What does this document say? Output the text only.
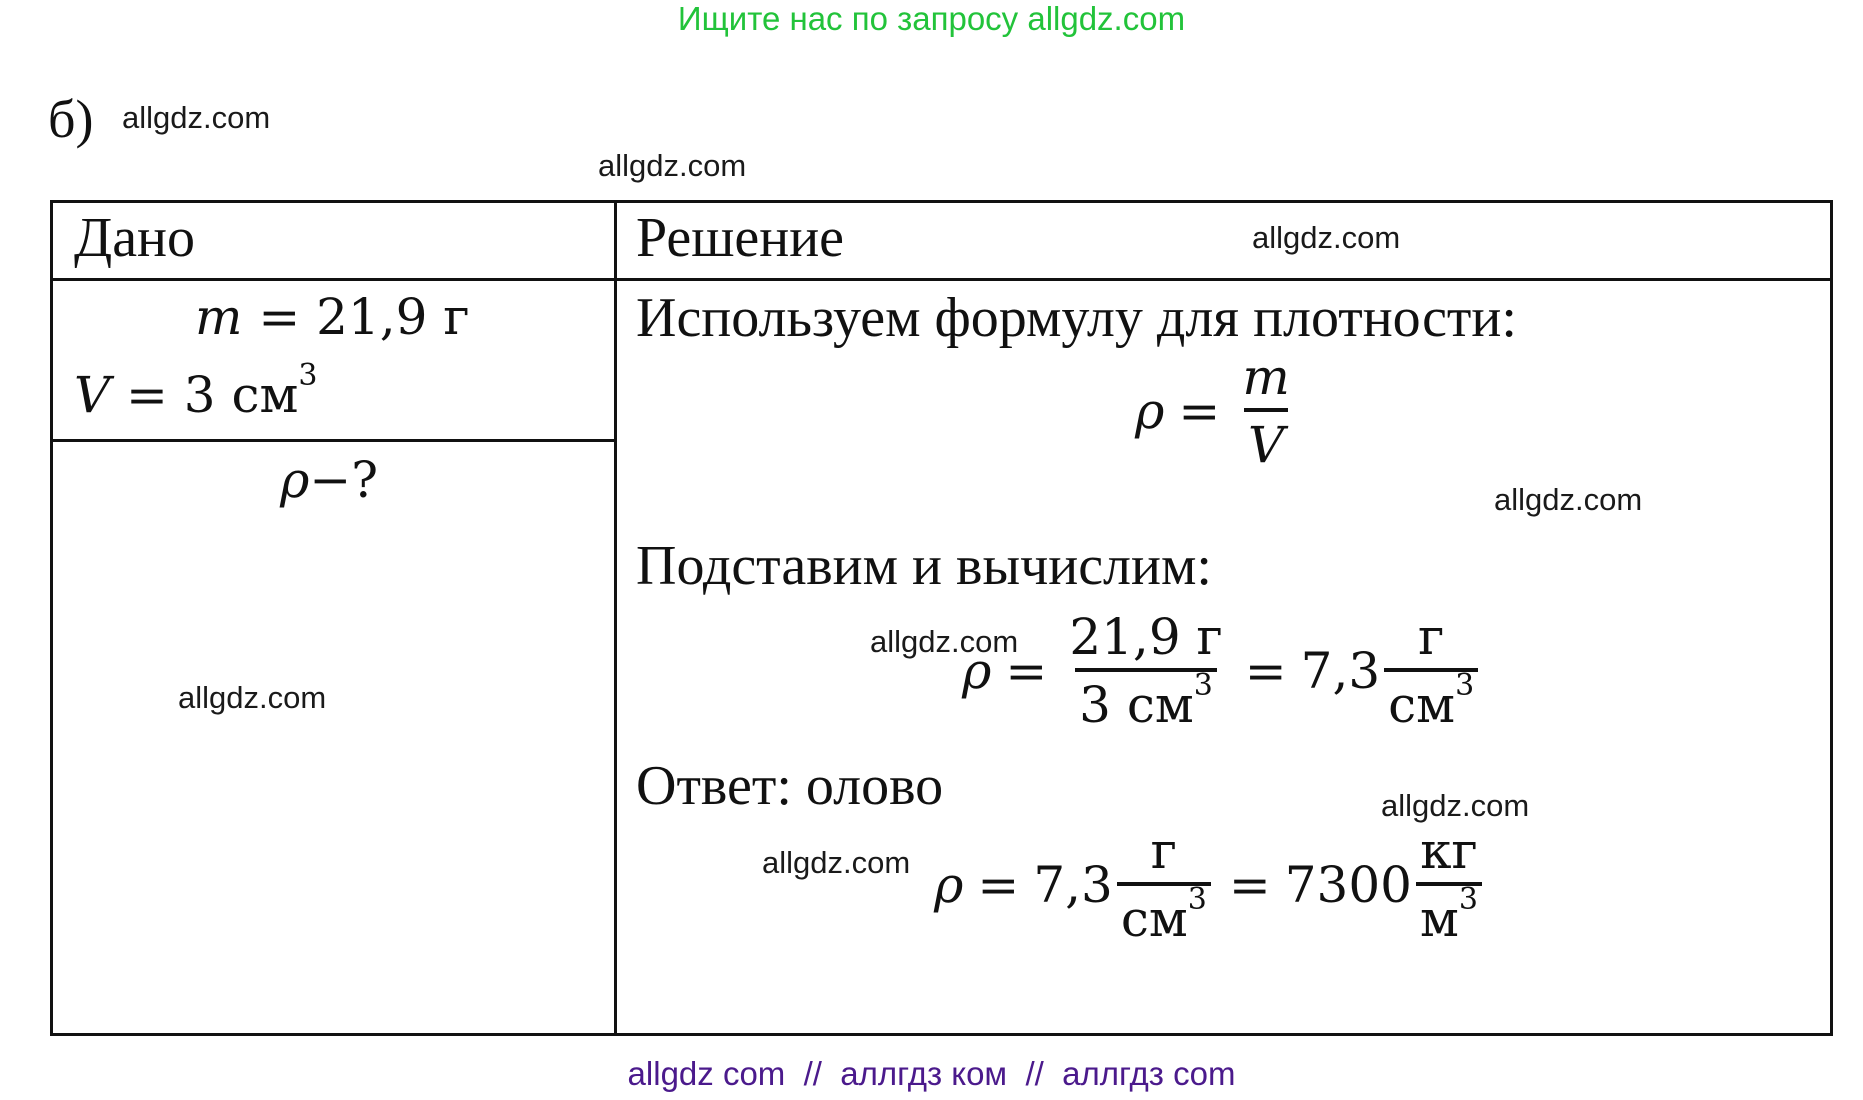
Ищите нас по запросу allgdz.com
б) allgdz.com
allgdz.com
allgdz.com
allgdz.com
allgdz.com
allgdz.com
allgdz.com
allgdz.com
Дано	Решение
m = 21,9 г
V = 3 $см^3$
ρ−?
Используем формулу для плотности:
$\rho = \frac{m}{V}$
Подставим и вычислим:
$\rho = \frac{21,9 г}{3 см^3} = 7,3 \frac{г}{см^3}$
Ответ: олово
$\rho = 7,3 \frac{г}{см^3} = 7300 \frac{кг}{м^3}$
allgdz com  //  аллгдз ком  //  аллгдз com
